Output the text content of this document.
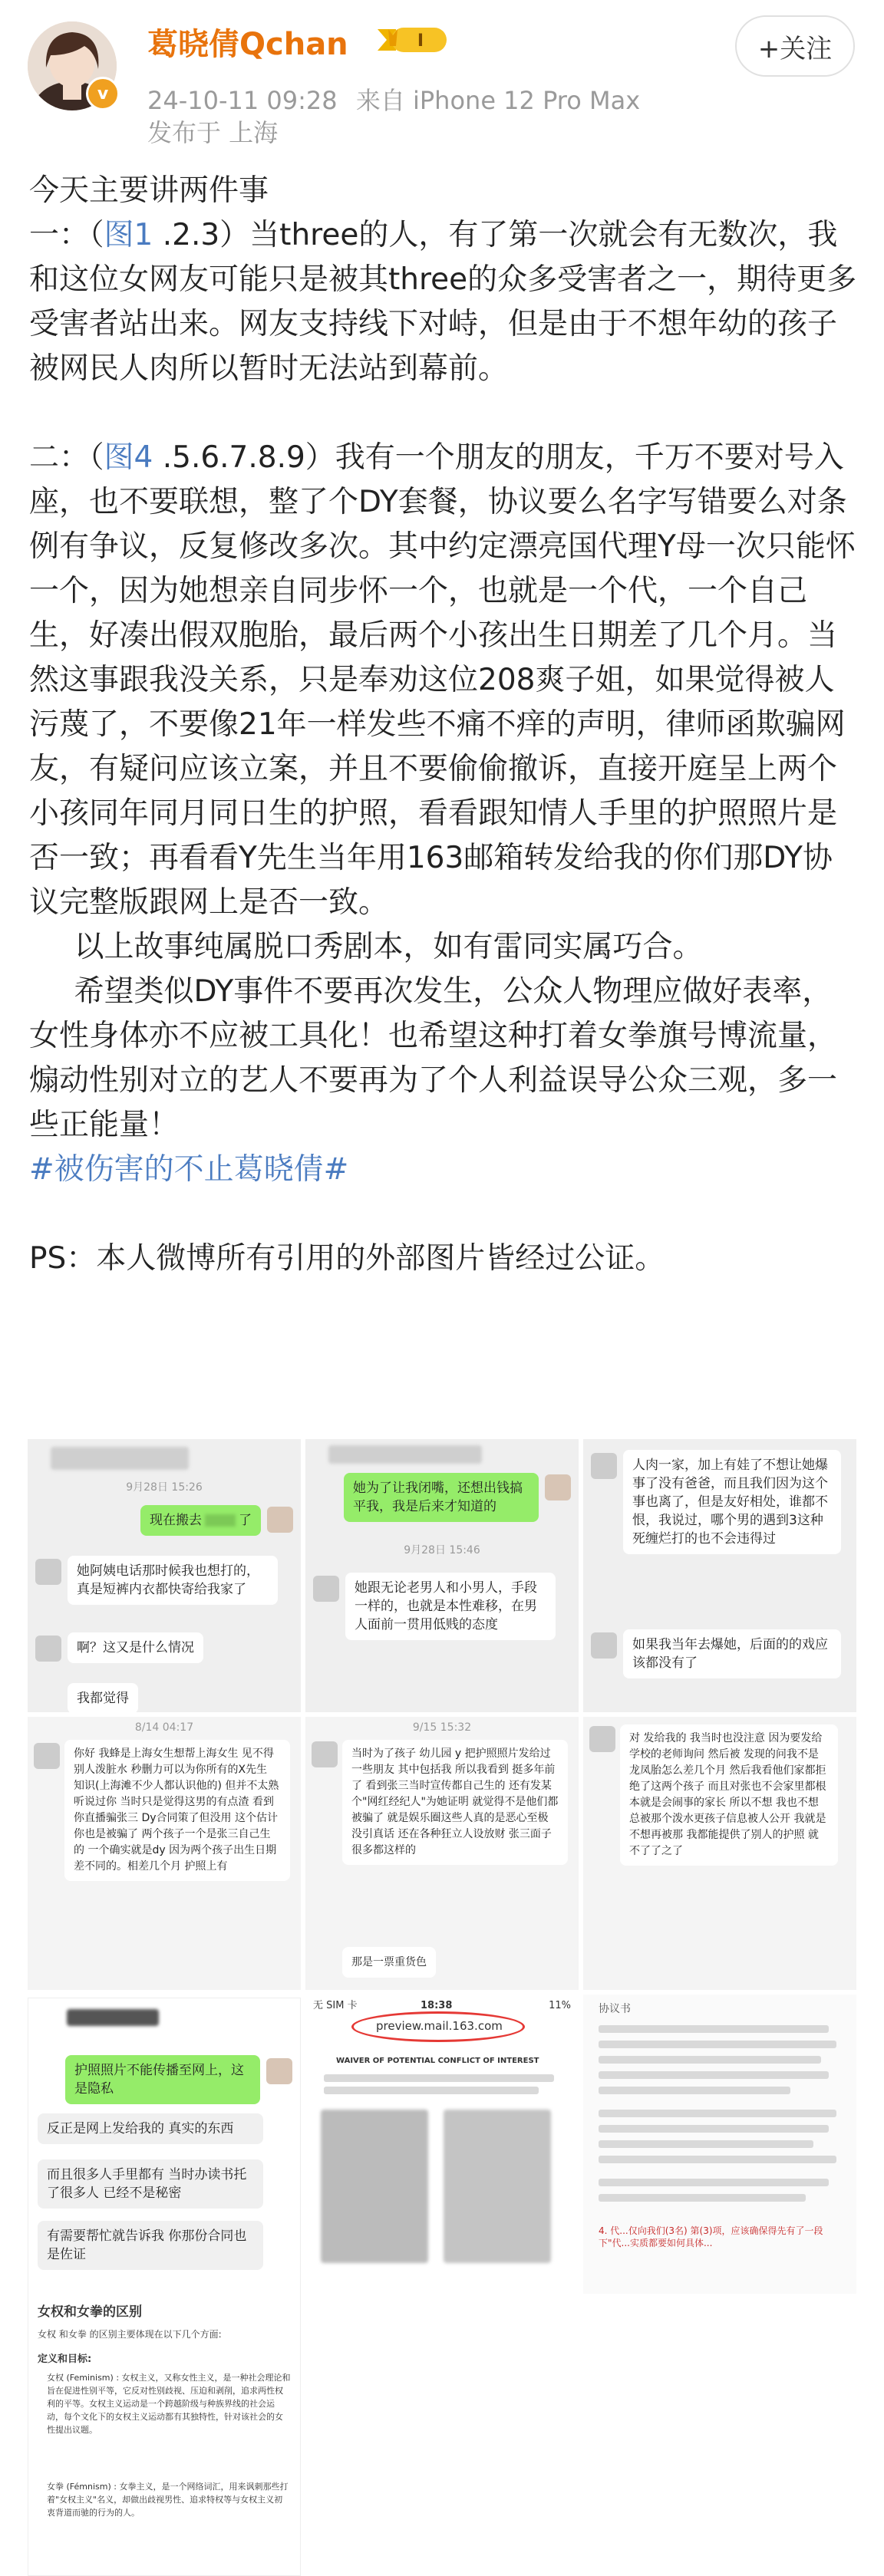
v
葛晓倩Qchan	I
24-10-11 09:28 来自 iPhone 12 Pro Max
发布于 上海
+关注

今天主要讲两件事

一：（图1 .2.3）当three的人，有了第一次就会有无数次，我和这位女网友可能只是被其three的众多受害者之一，期待更多受害者站出来。网友支持线下对峙，但是由于不想年幼的孩子被网民人肉所以暂时无法站到幕前。

二：（图4 .5.6.7.8.9）我有一个朋友的朋友，千万不要对号入座，也不要联想，整了个DY套餐，协议要么名字写错要么对条例有争议，反复修改多次。其中约定漂亮国代理Y母一次只能怀一个，因为她想亲自同步怀一个，也就是一个代，一个自己生，好凑出假双胞胎，最后两个小孩出生日期差了几个月。当然这事跟我没关系，只是奉劝这位208爽子姐，如果觉得被人污蔑了，不要像21年一样发些不痛不痒的声明，律师函欺骗网友，有疑问应该立案，并且不要偷偷撤诉，直接开庭呈上两个小孩同年同月同日生的护照，看看跟知情人手里的护照照片是否一致；再看看Y先生当年用163邮箱转发给我的你们那DY协议完整版跟网上是否一致。

以上故事纯属脱口秀剧本，如有雷同实属巧合。

希望类似DY事件不要再次发生，公众人物理应做好表率，女性身体亦不应被工具化！也希望这种打着女拳旗号博流量，煽动性别对立的艺人不要再为了个人利益误导公众三观，多一些正能量！

#被伤害的不止葛晓倩#

PS：本人微博所有引用的外部图片皆经过公证。

9月28日 15:26
现在搬去	了
她阿姨电话那时候我也想打的，真是短裤内衣都快寄给我家了
啊？这又是什么情况
我都觉得
她为了让我闭嘴，还想出钱搞平我，我是后来才知道的
9月28日 15:46
她跟无论老男人和小男人，手段一样的，也就是本性难移，在男人面前一贯用低贱的态度
人肉一家，加上有娃了不想让她爆事了没有爸爸，而且我们因为这个事也离了，但是友好相处，谁都不恨，我说过，哪个男的遇到3这种死缠烂打的也不会违得过
如果我当年去爆她，后面的的戏应该都没有了
8/14 04:17
你好 我蜂是上海女生想帮上海女生 见不得别人泼脏水 秒删力可以为你所有的X先生 知识(上海滩不少人都认识他的) 但并不太熟 听说过你 当时只是觉得这男的有点渣 看到你直播骗张三 Dy合同策了但没用 这个估计你也是被骗了 两个孩子一个是张三自己生的 一个确实就是dy 因为两个孩子出生日期差不同的。相差几个月 护照上有
9/15 15:32
当时为了孩子 幼儿园 y 把护照照片发给过一些朋友 其中包括我 所以我看到 挺多年前了 看到张三当时宣传都自己生的 还有发某个"网红经纪人"为她证明 就觉得不是他们都被骗了 就是娱乐圈这些人真的是恶心至极 没引真话 还在各种狂立人设放财 张三面子很多都这样的
那是一票重货色
对 发给我的 我当时也没注意 因为要发给学校的老师询问 然后被 发现的问我不是龙凤胎怎么差几个月 然后我看他们家都拒绝了这两个孩子 而且对张也不会家里都根本就是会闹事的家长 所以不想 我也不想总被那个泼水更孩子信息被人公开 我就是不想再被那 我都能提供了别人的护照 就不了了之了
无 SIM 卡	18:38	11%
preview.mail.163.com
WAIVER OF POTENTIAL CONFLICT OF INTEREST
协议书
4. 代...仅向我们(3名) 第(3)项，应该确保得先有了一段下"代...实质都要如何具体...
护照照片不能传播至网上，这是隐私
反正是网上发给我的 真实的东西
而且很多人手里都有 当时办读书托了很多人 已经不是秘密
有需要帮忙就告诉我 你那份合同也是佐证
女权和女拳的区别
女权 和女拳 的区别主要体现在以下几个方面:
定义和目标:
女权 (Feminism) : 女权主义，又称女性主义，是一种社会理论和 旨在促进性别平等，它反对性别歧视、压迫和剥削，追求两性权利的平等。女权主义运动是一个跨越阶级与种族界线的社会运动，每个文化下的女权主义运动都有其独特性，针对该社会的女性提出议题。
女拳 (Fémnism) : 女拳主义，是一个网络词汇，用来讽刺那些打着"女权主义"名义，却做出歧视男性、追求特权等与女权主义初衷背道而驰的行为的人。
